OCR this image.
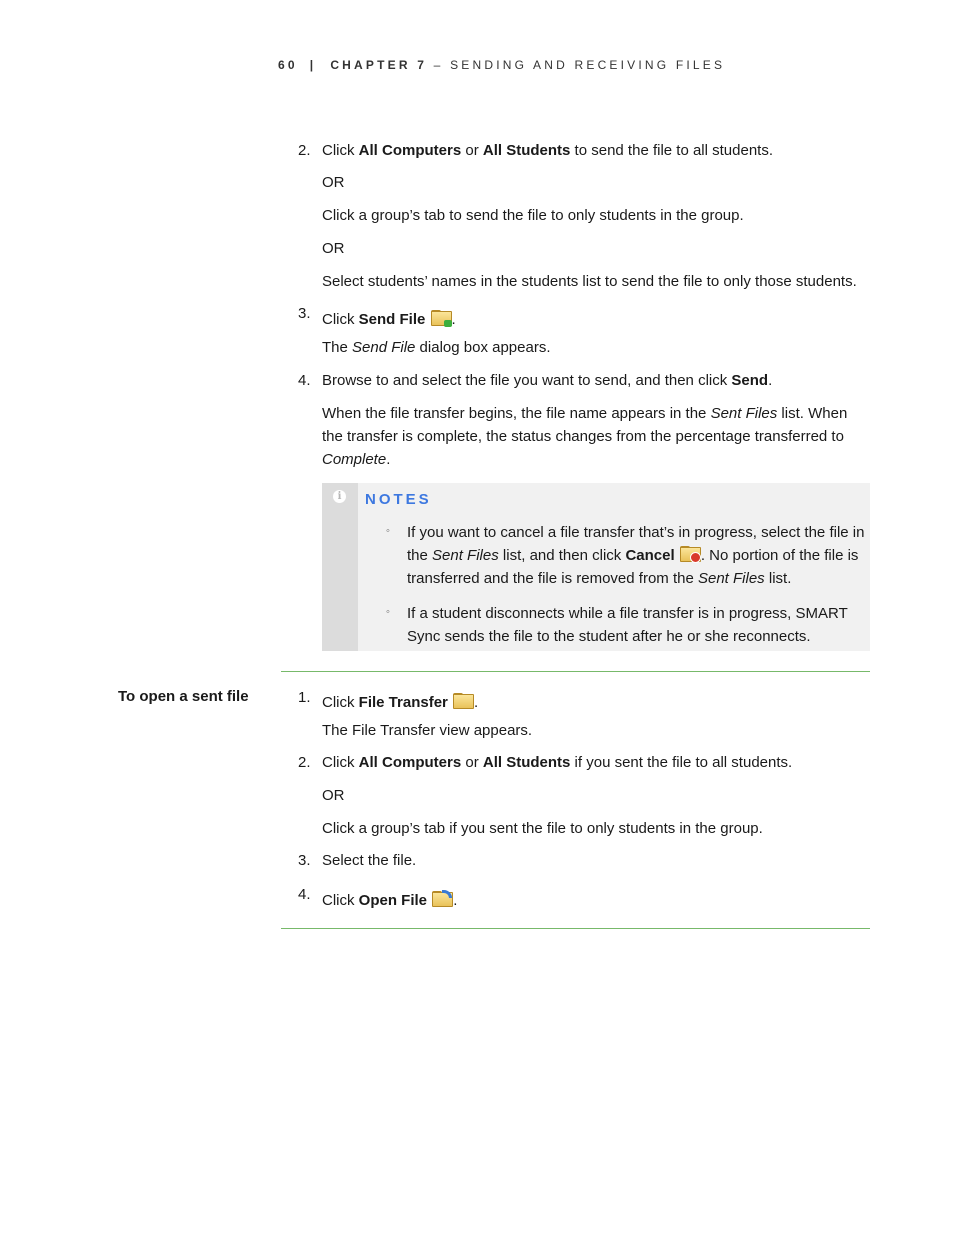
60 | CHAPTER 7 – SENDING AND RECEIVING FILES
2. Click All Computers or All Students to send the file to all students.
OR
Click a group’s tab to send the file to only students in the group.
OR
Select students’ names in the students list to send the file to only those students.
3. Click Send File .
The Send File dialog box appears.
4. Browse to and select the file you want to send, and then click Send.
When the file transfer begins, the file name appears in the Sent Files list. When the transfer is complete, the status changes from the percentage transferred to Complete.
i	NOTES
◦ If you want to cancel a file transfer that’s in progress, select the file in the Sent Files list, and then click Cancel . No portion of the file is transferred and the file is removed from the Sent Files list.
◦ If a student disconnects while a file transfer is in progress, SMART Sync sends the file to the student after he or she reconnects.
To open a sent file	1. Click File Transfer .
The File Transfer view appears.
2. Click All Computers or All Students if you sent the file to all students.
OR
Click a group’s tab if you sent the file to only students in the group.
3. Select the file.
4. Click Open File .
